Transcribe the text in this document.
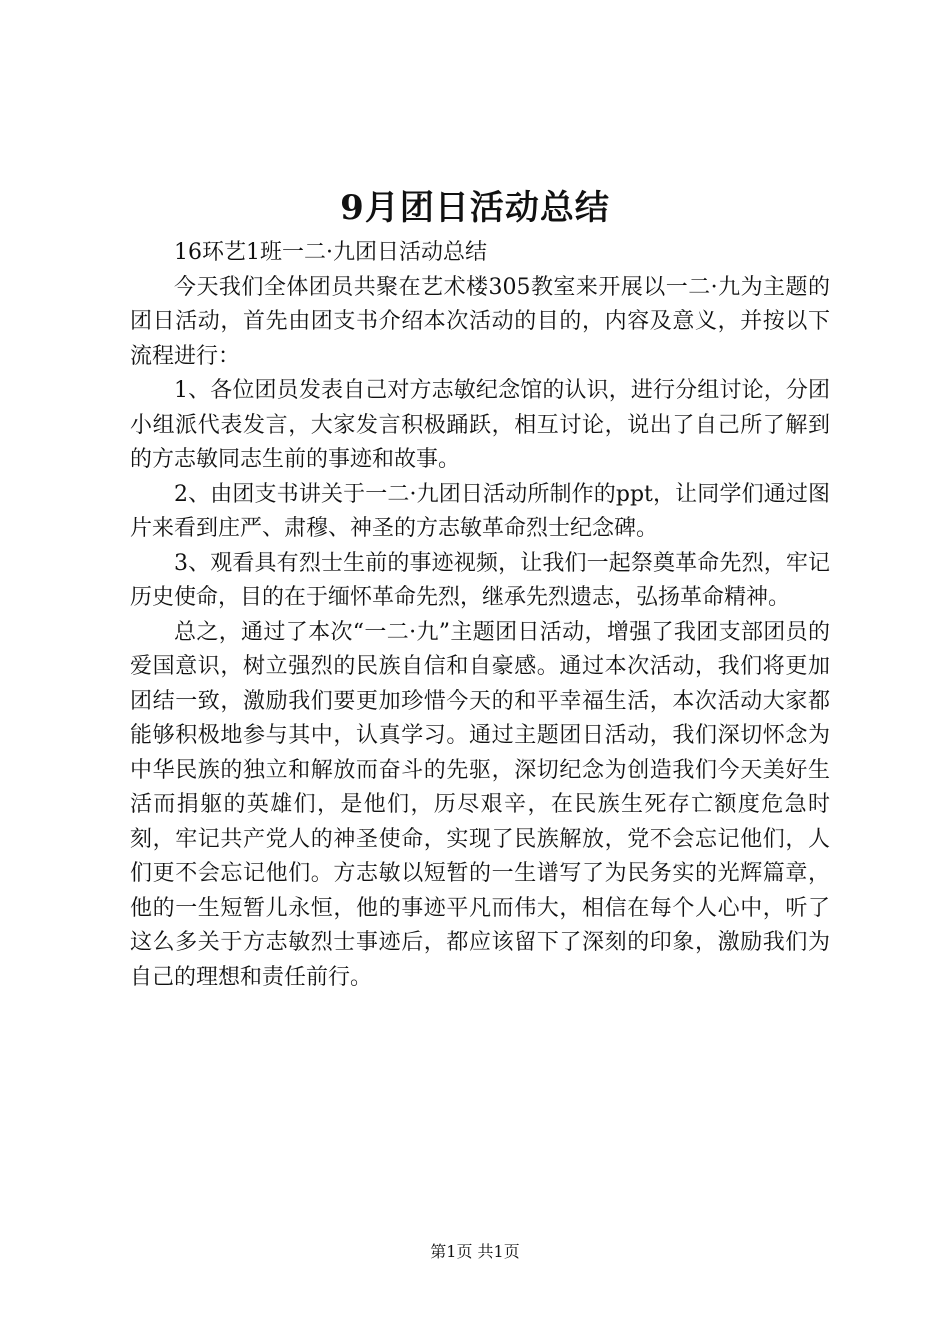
9月团日活动总结

16环艺1班一二·九团日活动总结

今天我们全体团员共聚在艺术楼305教室来开展以一二·九为主题的团日活动，首先由团支书介绍本次活动的目的，内容及意义，并按以下流程进行：

1、各位团员发表自己对方志敏纪念馆的认识，进行分组讨论，分团小组派代表发言，大家发言积极踊跃，相互讨论，说出了自己所了解到的方志敏同志生前的事迹和故事。

2、由团支书讲关于一二·九团日活动所制作的ppt，让同学们通过图片来看到庄严、肃穆、神圣的方志敏革命烈士纪念碑。

3、观看具有烈士生前的事迹视频，让我们一起祭奠革命先烈，牢记历史使命，目的在于缅怀革命先烈，继承先烈遗志，弘扬革命精神。

总之，通过了本次“一二·九”主题团日活动，增强了我团支部团员的爱国意识，树立强烈的民族自信和自豪感。通过本次活动，我们将更加团结一致，激励我们要更加珍惜今天的和平幸福生活，本次活动大家都能够积极地参与其中，认真学习。通过主题团日活动，我们深切怀念为中华民族的独立和解放而奋斗的先驱，深切纪念为创造我们今天美好生活而捐躯的英雄们，是他们，历尽艰辛，在民族生死存亡额度危急时刻，牢记共产党人的神圣使命，实现了民族解放，党不会忘记他们，人们更不会忘记他们。方志敏以短暂的一生谱写了为民务实的光辉篇章，他的一生短暂儿永恒，他的事迹平凡而伟大，相信在每个人心中，听了这么多关于方志敏烈士事迹后，都应该留下了深刻的印象，激励我们为自己的理想和责任前行。

第1页 共1页
